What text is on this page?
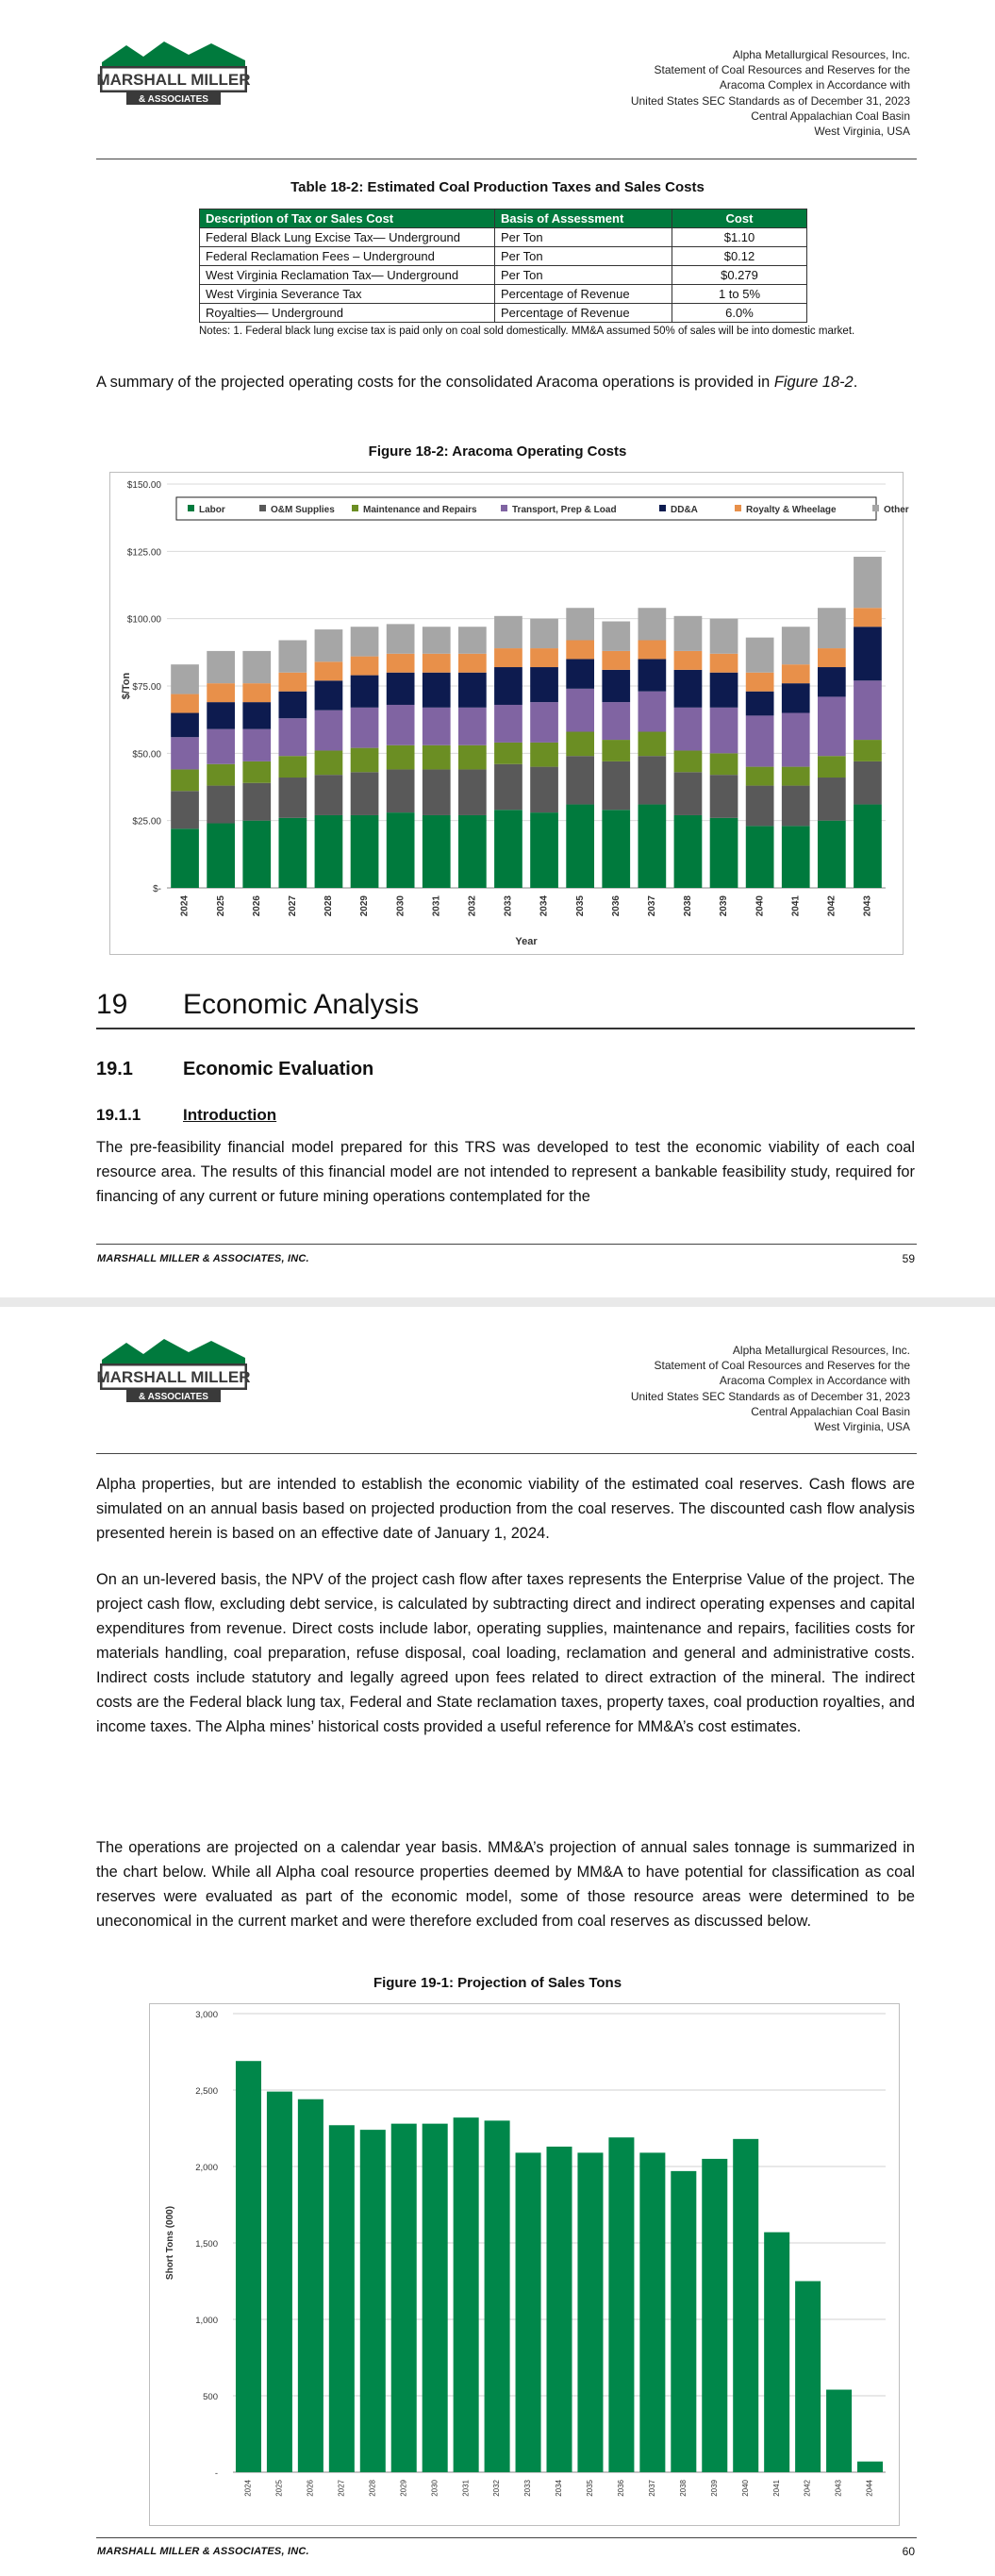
MARSHALL MILLER
& ASSOCIATES
Alpha Metallurgical Resources, Inc.
Statement of Coal Resources and Reserves for the
Aracoma Complex in Accordance with
United States SEC Standards as of December 31, 2023
Central Appalachian Coal Basin
West Virginia, USA
Table 18-2: Estimated Coal Production Taxes and Sales Costs
Description of Tax or Sales Cost	Basis of Assessment	Cost
Federal Black Lung Excise Tax— Underground	Per Ton	$1.10
Federal Reclamation Fees – Underground	Per Ton	$0.12
West Virginia Reclamation Tax— Underground	Per Ton	$0.279
West Virginia Severance Tax	Percentage of Revenue	1 to 5%
Royalties— Underground	Percentage of Revenue	6.0%
Notes: 1. Federal black lung excise tax is paid only on coal sold domestically. MM&A assumed 50% of sales will be into domestic market.
A summary of the projected operating costs for the consolidated Aracoma operations is provided in Figure 18-2.
Figure 18-2: Aracoma Operating Costs
$-
$25.00
$50.00
$75.00
$100.00
$125.00
$150.00
2024	2025	2026	2027	2028	2029	2030	2031	2032	2033	2034	2035	2036	2037	2038	2039	2040	2041	2042	2043
Year
$/Ton
Labor	O&M Supplies	Maintenance and Repairs	Transport, Prep & Load	DD&A	Royalty & Wheelage	Other
19 Economic Analysis
19.1	Economic Evaluation
19.1.1	Introduction
The pre-feasibility financial model prepared for this TRS was developed to test the economic viability of each coal resource area. The results of this financial model are not intended to represent a bankable feasibility study, required for financing of any current or future mining operations contemplated for the
MARSHALL MILLER & ASSOCIATES, INC.	59
MARSHALL MILLER
& ASSOCIATES
Alpha Metallurgical Resources, Inc.
Statement of Coal Resources and Reserves for the
Aracoma Complex in Accordance with
United States SEC Standards as of December 31, 2023
Central Appalachian Coal Basin
West Virginia, USA
Alpha properties, but are intended to establish the economic viability of the estimated coal reserves. Cash flows are simulated on an annual basis based on projected production from the coal reserves. The discounted cash flow analysis presented herein is based on an effective date of January 1, 2024.
On an un-levered basis, the NPV of the project cash flow after taxes represents the Enterprise Value of the project. The project cash flow, excluding debt service, is calculated by subtracting direct and indirect operating expenses and capital expenditures from revenue. Direct costs include labor, operating supplies, maintenance and repairs, facilities costs for materials handling, coal preparation, refuse disposal, coal loading, reclamation and general and administrative costs. Indirect costs include statutory and legally agreed upon fees related to direct extraction of the mineral. The indirect costs are the Federal black lung tax, Federal and State reclamation taxes, property taxes, coal production royalties, and income taxes. The Alpha mines’ historical costs provided a useful reference for MM&A’s cost estimates.
The operations are projected on a calendar year basis. MM&A’s projection of annual sales tonnage is summarized in the chart below. While all Alpha coal resource properties deemed by MM&A to have potential for classification as coal reserves were evaluated as part of the economic model, some of those resource areas were determined to be uneconomical in the current market and were therefore excluded from coal reserves as discussed below.
Figure 19-1: Projection of Sales Tons
-
500
1,000
1,500
2,000
2,500
3,000
2024	2025	2026	2027	2028	2029	2030	2031	2032	2033	2034	2035	2036	2037	2038	2039	2040	2041	2042	2043	2044
Short Tons (000)
MARSHALL MILLER & ASSOCIATES, INC.	60
